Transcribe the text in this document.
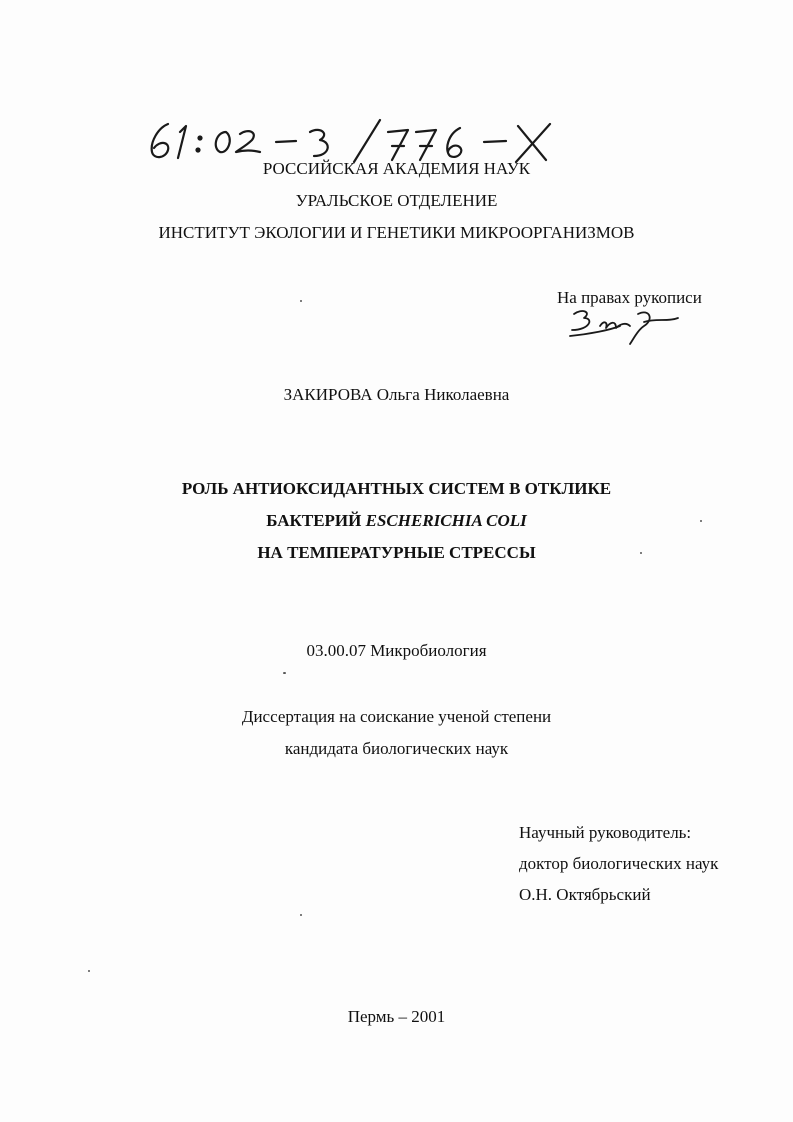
РОССИЙСКАЯ АКАДЕМИЯ НАУК
УРАЛЬСКОЕ ОТДЕЛЕНИЕ
ИНСТИТУТ ЭКОЛОГИИ И ГЕНЕТИКИ МИКРООРГАНИЗМОВ
На правах рукописи
ЗАКИРОВА Ольга Николаевна
РОЛЬ АНТИОКСИДАНТНЫХ СИСТЕМ В ОТКЛИКЕ
БАКТЕРИЙ ESCHERICHIA COLI
НА ТЕМПЕРАТУРНЫЕ СТРЕССЫ
03.00.07 Микробиология
Диссертация на соискание ученой степени
кандидата биологических наук
Научный руководитель:
доктор биологических наук
О.Н. Октябрьский
Пермь – 2001
